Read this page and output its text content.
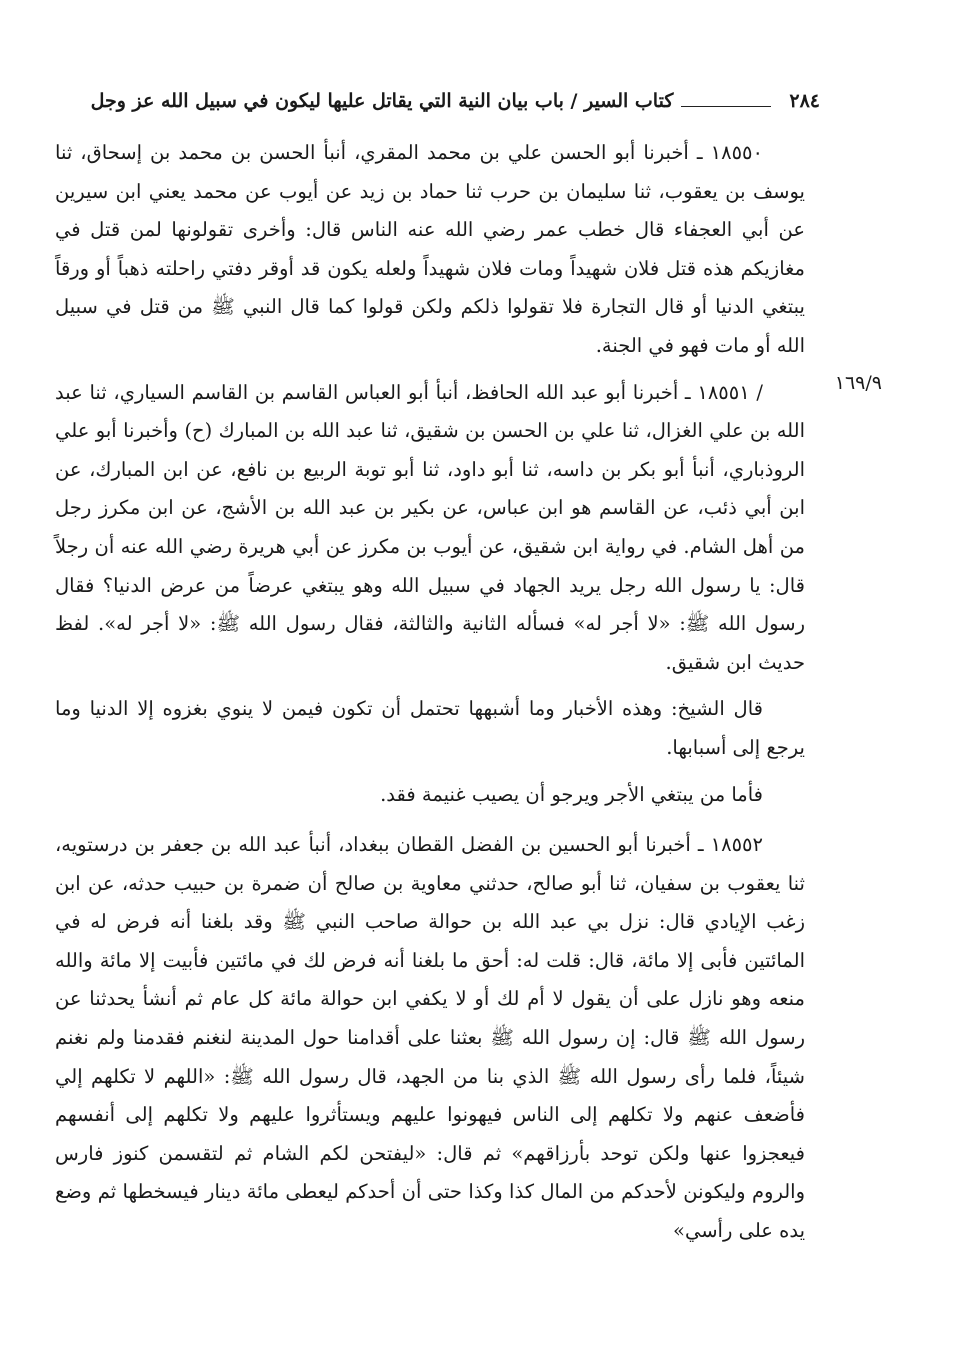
٢٨٤
كتاب السير / باب بيان النية التي يقاتل عليها ليكون في سبيل الله عز وجل
١٦٩/٩

١٨٥٥٠ ـ أخبرنا أبو الحسن علي بن محمد المقري، أنبأ الحسن بن محمد بن إسحاق، ثنا يوسف بن يعقوب، ثنا سليمان بن حرب ثنا حماد بن زيد عن أيوب عن محمد يعني ابن سيرين عن أبي العجفاء قال خطب عمر رضي الله عنه الناس قال: وأخرى تقولونها لمن قتل في مغازيكم هذه قتل فلان شهيداً ومات فلان شهيداً ولعله يكون قد أوقر دفتي راحلته ذهباً أو ورقاً يبتغي الدنيا أو قال التجارة فلا تقولوا ذلكم ولكن قولوا كما قال النبي ﷺ من قتل في سبيل الله أو مات فهو في الجنة.

/ ١٨٥٥١ ـ أخبرنا أبو عبد الله الحافظ، أنبأ أبو العباس القاسم بن القاسم السياري، ثنا عبد الله بن علي الغزال، ثنا علي بن الحسن بن شقيق، ثنا عبد الله بن المبارك (ح) وأخبرنا أبو علي الروذباري، أنبأ أبو بكر بن داسه، ثنا أبو داود، ثنا أبو توبة الربيع بن نافع، عن ابن المبارك، عن ابن أبي ذئب، عن القاسم هو ابن عباس، عن بكير بن عبد الله بن الأشج، عن ابن مكرز رجل من أهل الشام. في رواية ابن شقيق، عن أيوب بن مكرز عن أبي هريرة رضي الله عنه أن رجلاً قال: يا رسول الله رجل يريد الجهاد في سبيل الله وهو يبتغي عرضاً من عرض الدنيا؟ فقال رسول الله ﷺ: «لا أجر له» فسأله الثانية والثالثة، فقال رسول الله ﷺ: «لا أجر له». لفظ حديث ابن شقيق.

قال الشيخ: وهذه الأخبار وما أشبهها تحتمل أن تكون فيمن لا ينوي بغزوه إلا الدنيا وما يرجع إلى أسبابها.

فأما من يبتغي الأجر ويرجو أن يصيب غنيمة فقد.

١٨٥٥٢ ـ أخبرنا أبو الحسين بن الفضل القطان ببغداد، أنبأ عبد الله بن جعفر بن درستويه، ثنا يعقوب بن سفيان، ثنا أبو صالح، حدثني معاوية بن صالح أن ضمرة بن حبيب حدثه، عن ابن زغب الإيادي قال: نزل بي عبد الله بن حوالة صاحب النبي ﷺ وقد بلغنا أنه فرض له في المائتين فأبى إلا مائة، قال: قلت له: أحق ما بلغنا أنه فرض لك في مائتين فأبيت إلا مائة والله منعه وهو نازل على أن يقول لا أم لك أو لا يكفي ابن حوالة مائة كل عام ثم أنشأ يحدثنا عن رسول الله ﷺ قال: إن رسول الله ﷺ بعثنا على أقدامنا حول المدينة لنغنم فقدمنا ولم نغنم شيئاً، فلما رأى رسول الله ﷺ الذي بنا من الجهد، قال رسول الله ﷺ: «اللهم لا تكلهم إلي فأضعف عنهم ولا تكلهم إلى الناس فيهونوا عليهم ويستأثروا عليهم ولا تكلهم إلى أنفسهم فيعجزوا عنها ولكن توحد بأرزاقهم» ثم قال: «ليفتحن لكم الشام ثم لتقسمن كنوز فارس والروم وليكونن لأحدكم من المال كذا وكذا حتى أن أحدكم ليعطى مائة دينار فيسخطها ثم وضع يده على رأسي»
